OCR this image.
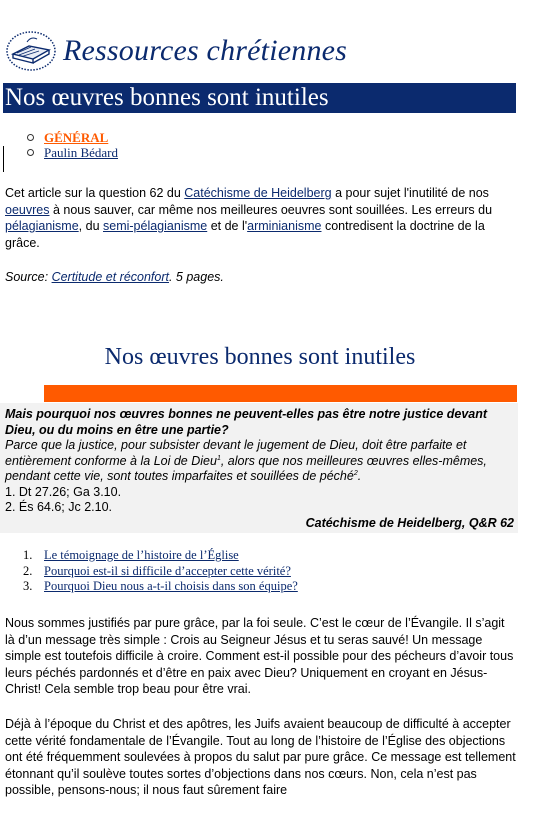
Ressources chrétiennes
Nos œuvres bonnes sont inutiles
GÉNÉRAL
Paulin Bédard
Cet article sur la question 62 du Catéchisme de Heidelberg a pour sujet l'inutilité de nos oeuvres à nous sauver, car même nos meilleures oeuvres sont souillées. Les erreurs du pélagianisme, du semi-pélagianisme et de l'arminianisme contredisent la doctrine de la grâce.
Source: Certitude et réconfort. 5 pages.
Nos œuvres bonnes sont inutiles
Mais pourquoi nos œuvres bonnes ne peuvent-elles pas être notre justice devant Dieu, ou du moins en être une partie?
Parce que la justice, pour subsister devant le jugement de Dieu, doit être parfaite et entièrement conforme à la Loi de Dieu$^1$, alors que nos meilleures œuvres elles-mêmes, pendant cette vie, sont toutes imparfaites et souillées de péché$^2$.
1. Dt 27.26; Ga 3.10.
2. És 64.6; Jc 2.10.
Catéchisme de Heidelberg, Q&R 62
1. Le témoignage de l’histoire de l’Église
2. Pourquoi est-il si difficile d’accepter cette vérité?
3. Pourquoi Dieu nous a-t-il choisis dans son équipe?
Nous sommes justifiés par pure grâce, par la foi seule. C’est le cœur de l’Évangile. Il s’agit là d’un message très simple : Crois au Seigneur Jésus et tu seras sauvé! Un message simple est toutefois difficile à croire. Comment est-il possible pour des pécheurs d’avoir tous leurs péchés pardonnés et d’être en paix avec Dieu? Uniquement en croyant en Jésus-Christ! Cela semble trop beau pour être vrai.
Déjà à l’époque du Christ et des apôtres, les Juifs avaient beaucoup de difficulté à accepter cette vérité fondamentale de l’Évangile. Tout au long de l’histoire de l’Église des objections ont été fréquemment soulevées à propos du salut par pure grâce. Ce message est tellement étonnant qu’il soulève toutes sortes d’objections dans nos cœurs. Non, cela n’est pas possible, pensons-nous; il nous faut sûrement faire
